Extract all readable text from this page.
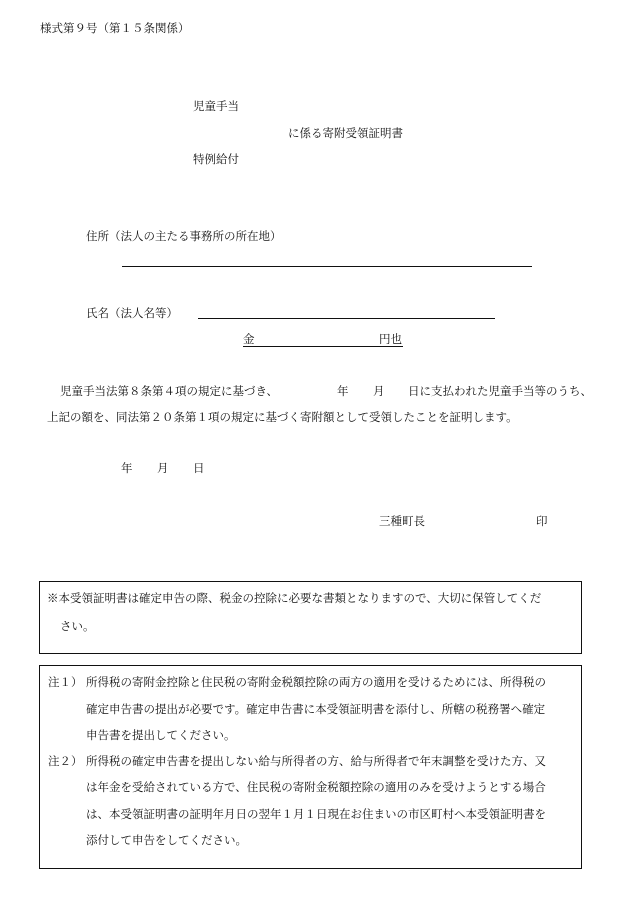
様式第９号（第１５条関係）
児童手当
に係る寄附受領証明書
特例給付
住所（法人の主たる事務所の所在地）
氏名（法人名等）
金	円也
児童手当法第８条第４項の規定に基づき、	年 月 日に支払われた児童手当等のうち、
上記の額を、同法第２０条第１項の規定に基づく寄附額として受領したことを証明します。
年 月 日
三種町長	印
※本受領証明書は確定申告の際、税金の控除に必要な書類となりますので、大切に保管してくだ
さい。
注１） 所得税の寄附金控除と住民税の寄附金税額控除の両方の適用を受けるためには、所得税の
確定申告書の提出が必要です。確定申告書に本受領証明書を添付し、所轄の税務署へ確定
申告書を提出してください。
注２） 所得税の確定申告書を提出しない給与所得者の方、給与所得者で年末調整を受けた方、又
は年金を受給されている方で、住民税の寄附金税額控除の適用のみを受けようとする場合
は、本受領証明書の証明年月日の翌年１月１日現在お住まいの市区町村へ本受領証明書を
添付して申告をしてください。
